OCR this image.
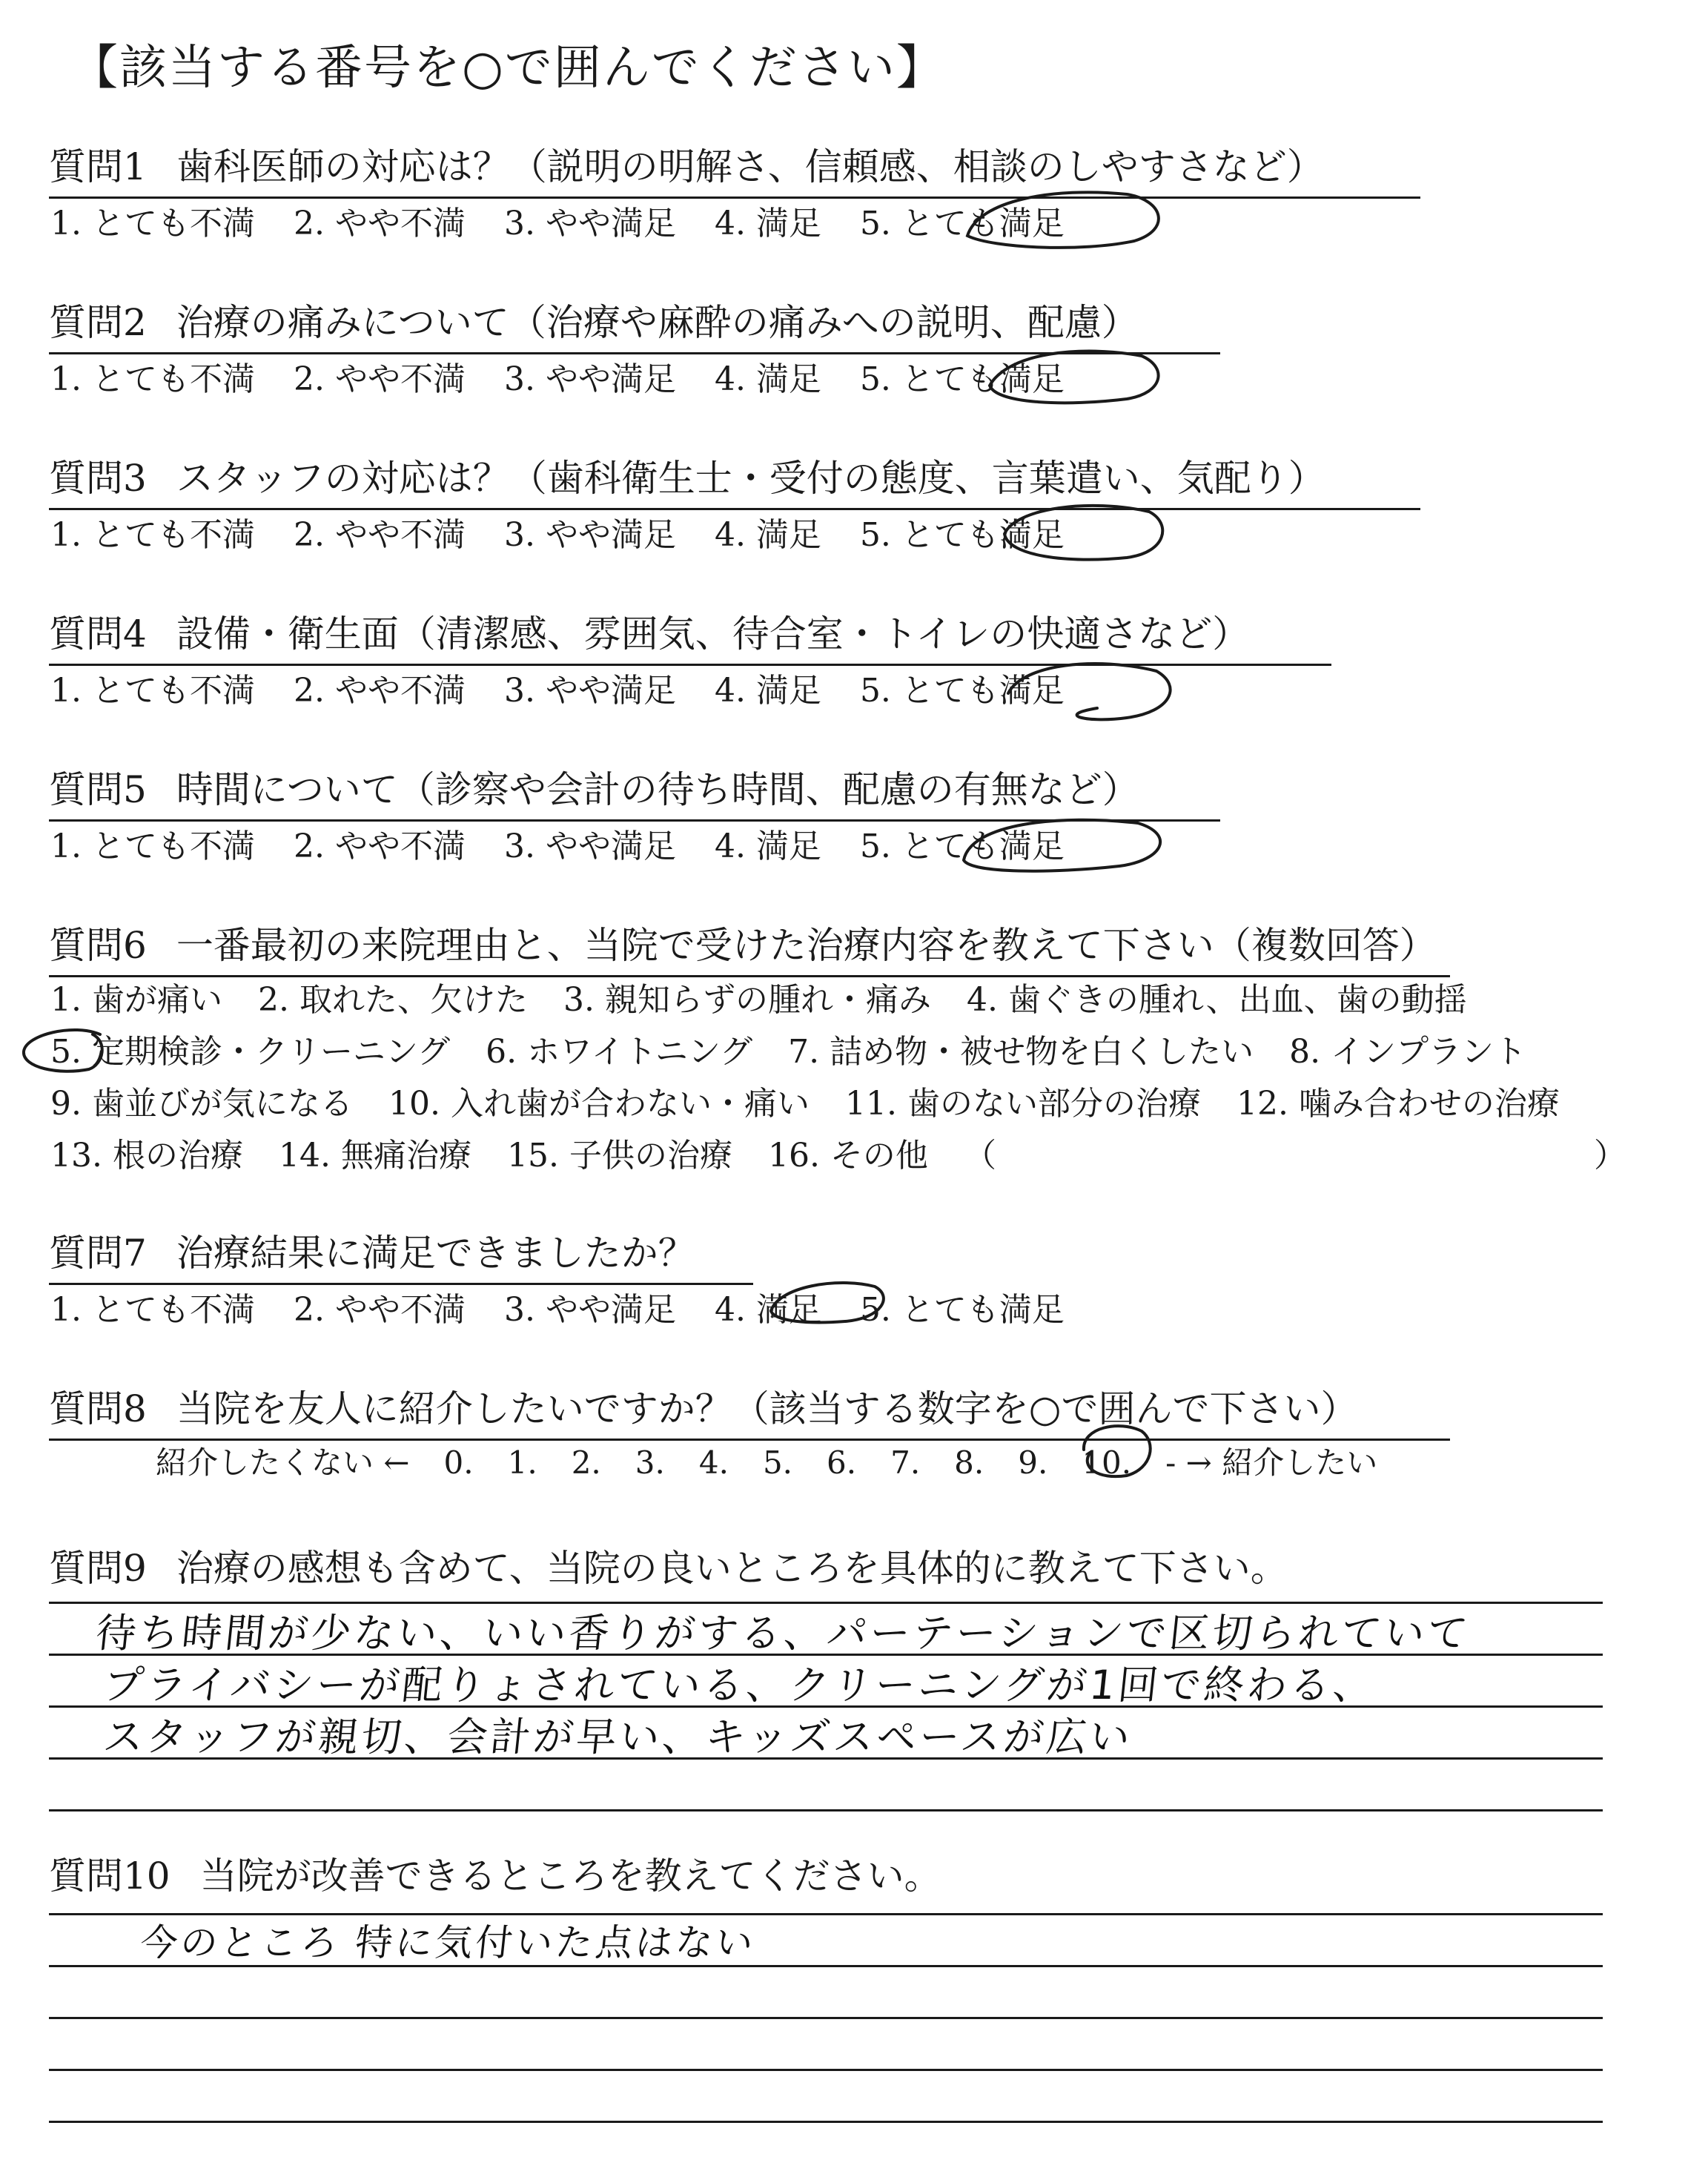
【該当する番号を○で囲んでください】
質問1 歯科医師の対応は？（説明の明解さ、信頼感、相談のしやすさなど）
1. とても不満 2. やや不満 3. やや満足 4. 満足 5. とても満足
質問2 治療の痛みについて（治療や麻酔の痛みへの説明、配慮）
1. とても不満 2. やや不満 3. やや満足 4. 満足 5. とても満足
質問3 スタッフの対応は？（歯科衛生士・受付の態度、言葉遣い、気配り）
1. とても不満 2. やや不満 3. やや満足 4. 満足 5. とても満足
質問4 設備・衛生面（清潔感、雰囲気、待合室・トイレの快適さなど）
1. とても不満 2. やや不満 3. やや満足 4. 満足 5. とても満足
質問5 時間について（診察や会計の待ち時間、配慮の有無など）
1. とても不満 2. やや不満 3. やや満足 4. 満足 5. とても満足
質問6 一番最初の来院理由と、当院で受けた治療内容を教えて下さい（複数回答）
1. 歯が痛い 2. 取れた、欠けた 3. 親知らずの腫れ・痛み 4. 歯ぐきの腫れ、出血、歯の動揺
5. 定期検診・クリーニング 6. ホワイトニング 7. 詰め物・被せ物を白くしたい 8. インプラント
9. 歯並びが気になる 10. 入れ歯が合わない・痛い 11. 歯のない部分の治療 12. 噛み合わせの治療
13. 根の治療 14. 無痛治療 15. 子供の治療 16. その他 （	）
質問7 治療結果に満足できましたか？
1. とても不満 2. やや不満 3. やや満足 4. 満足 5. とても満足
質問8 当院を友人に紹介したいですか？（該当する数字を○で囲んで下さい）
紹介したくない ← 0. 1. 2. 3. 4. 5. 6. 7. 8. 9. 10. - → 紹介したい
質問9 治療の感想も含めて、当院の良いところを具体的に教えて下さい。
待ち時間が少ない、いい香りがする、パーテーションで区切られていて
プライバシーが配りょされている、クリーニングが1回で終わる、
スタッフが親切、会計が早い、キッズスペースが広い
質問10 当院が改善できるところを教えてください。
今のところ 特に気付いた点はない
